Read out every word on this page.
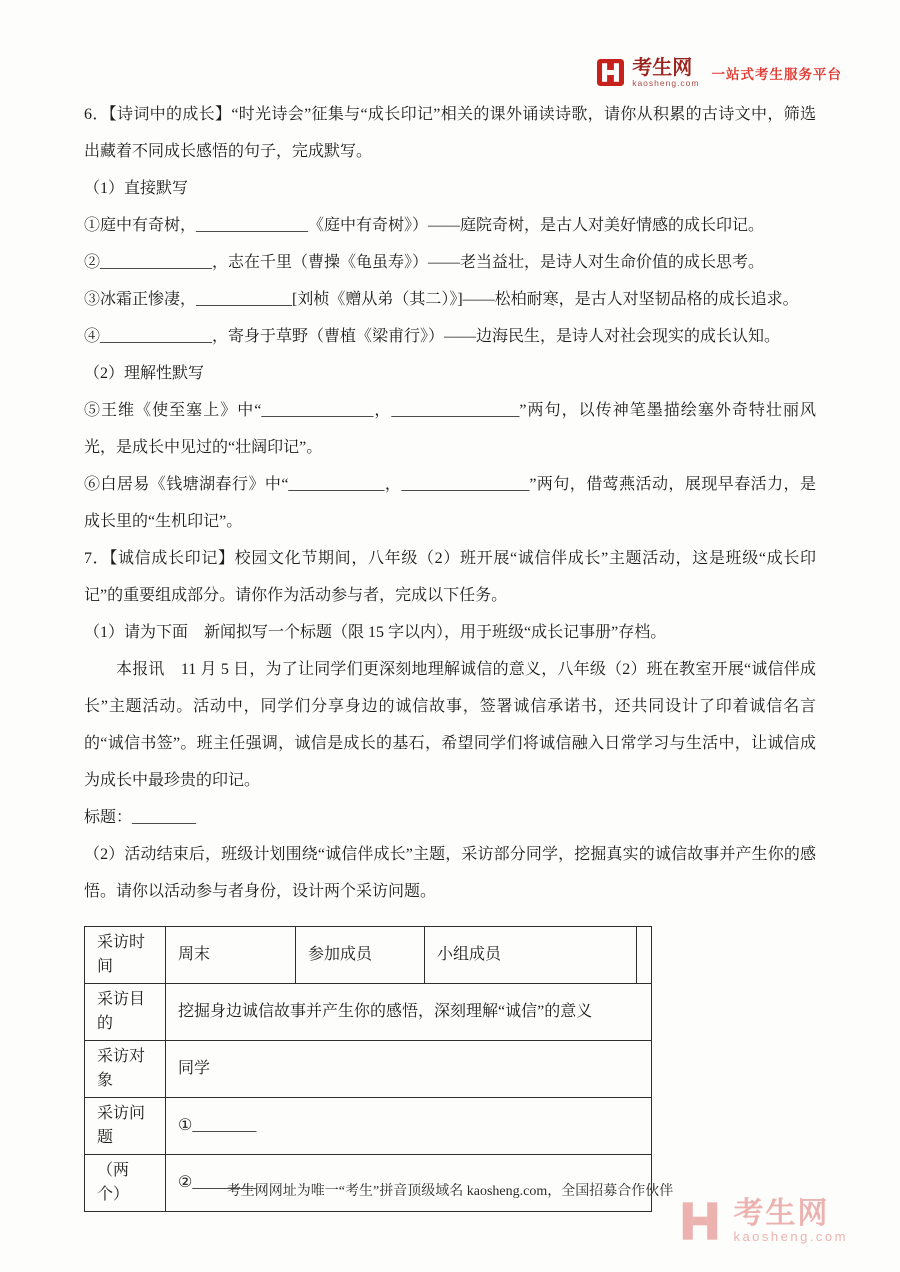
考生网
kaosheng.com
一站式考生服务平台

6．【诗词中的成长】“时光诗会”征集与“成长印记”相关的课外诵读诗歌，请你从积累的古诗文中，筛选出藏着不同成长感悟的句子，完成默写。

（1）直接默写

①庭中有奇树，______________《庭中有奇树》）——庭院奇树，是古人对美好情感的成长印记。

②______________，志在千里（曹操《龟虽寿》）——老当益壮，是诗人对生命价值的成长思考。

③冰霜正惨凄，____________[刘桢《赠从弟（其二）》]——松柏耐寒，是古人对坚韧品格的成长追求。

④______________，寄身于草野（曹植《梁甫行》）——边海民生，是诗人对社会现实的成长认知。

（2）理解性默写

⑤王维《使至塞上》中“______________，________________”两句，以传神笔墨描绘塞外奇特壮丽风光，是成长中见过的“壮阔印记”。

⑥白居易《钱塘湖春行》中“____________，________________”两句，借莺燕活动，展现早春活力，是成长里的“生机印记”。

7．【诚信成长印记】校园文化节期间，八年级（2）班开展“诚信伴成长”主题活动，这是班级“成长印记”的重要组成部分。请你作为活动参与者，完成以下任务。

（1）请为下面　新闻拟写一个标题（限 15 字以内），用于班级“成长记事册”存档。

本报讯　11 月 5 日，为了让同学们更深刻地理解诚信的意义，八年级（2）班在教室开展“诚信伴成长”主题活动。活动中，同学们分享身边的诚信故事，签署诚信承诺书，还共同设计了印着诚信名言的“诚信书签”。班主任强调，诚信是成长的基石，希望同学们将诚信融入日常学习与生活中，让诚信成为成长中最珍贵的印记。

标题：________

（2）活动结束后，班级计划围绕“诚信伴成长”主题，采访部分同学，挖掘真实的诚信故事并产生你的感悟。请你以活动参与者身份，设计两个采访问题。

采访时间	周末	参加成员	小组成员	
采访目的	挖掘身边诚信故事并产生你的感悟，深刻理解“诚信”的意义			
采访对象	同学			
采访问题	①________			
（两个）	②________			
考生网网址为唯一“考生”拼音顶级域名 kaosheng.com，全国招募合作伙伴
考生网
kaosheng.com
